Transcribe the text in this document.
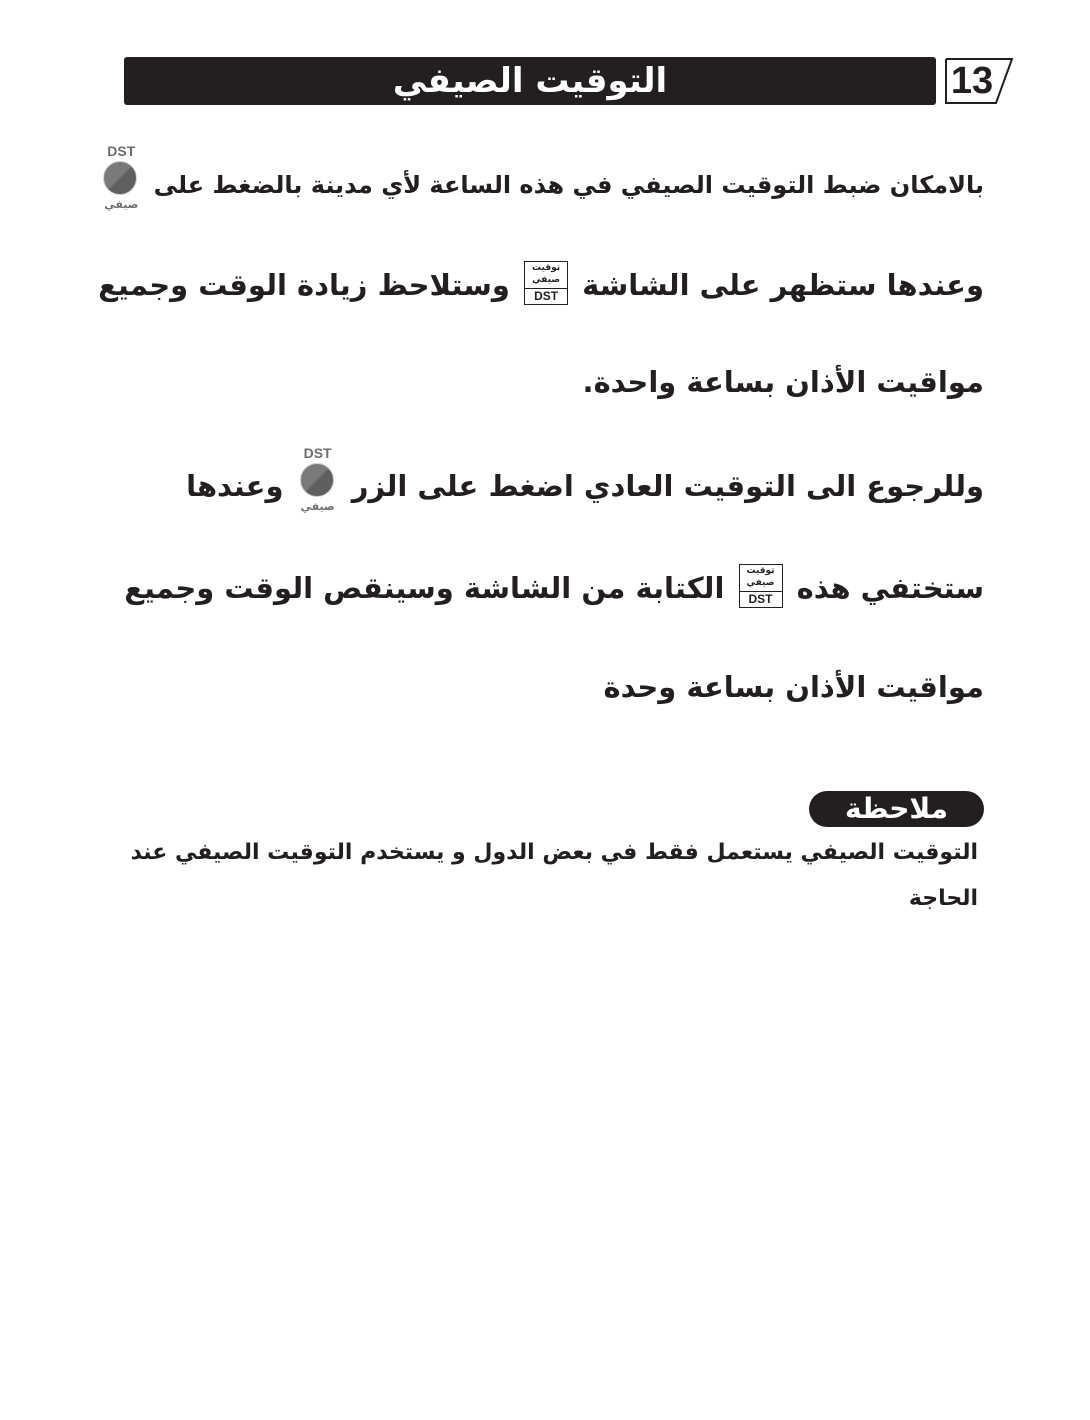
التوقيت الصيفي	13
بالامكان ضبط التوقيت الصيفي في هذه الساعة لأي مدينة بالضغط على
DST
صيفي
وعندها ستظهر على الشاشة
توقيت
صيفي
DST
وستلاحظ زيادة الوقت وجميع
مواقيت الأذان بساعة واحدة.
وللرجوع الى التوقيت العادي اضغط على الزر
DST
صيفي
وعندها
ستختفي هذه
توقيت
صيفي
DST
الكتابة من الشاشة وسينقص الوقت وجميع
مواقيت الأذان بساعة وحدة
ملاحظة
التوقيت الصيفي يستعمل فقط في بعض الدول و يستخدم التوقيت الصيفي عند
الحاجة
